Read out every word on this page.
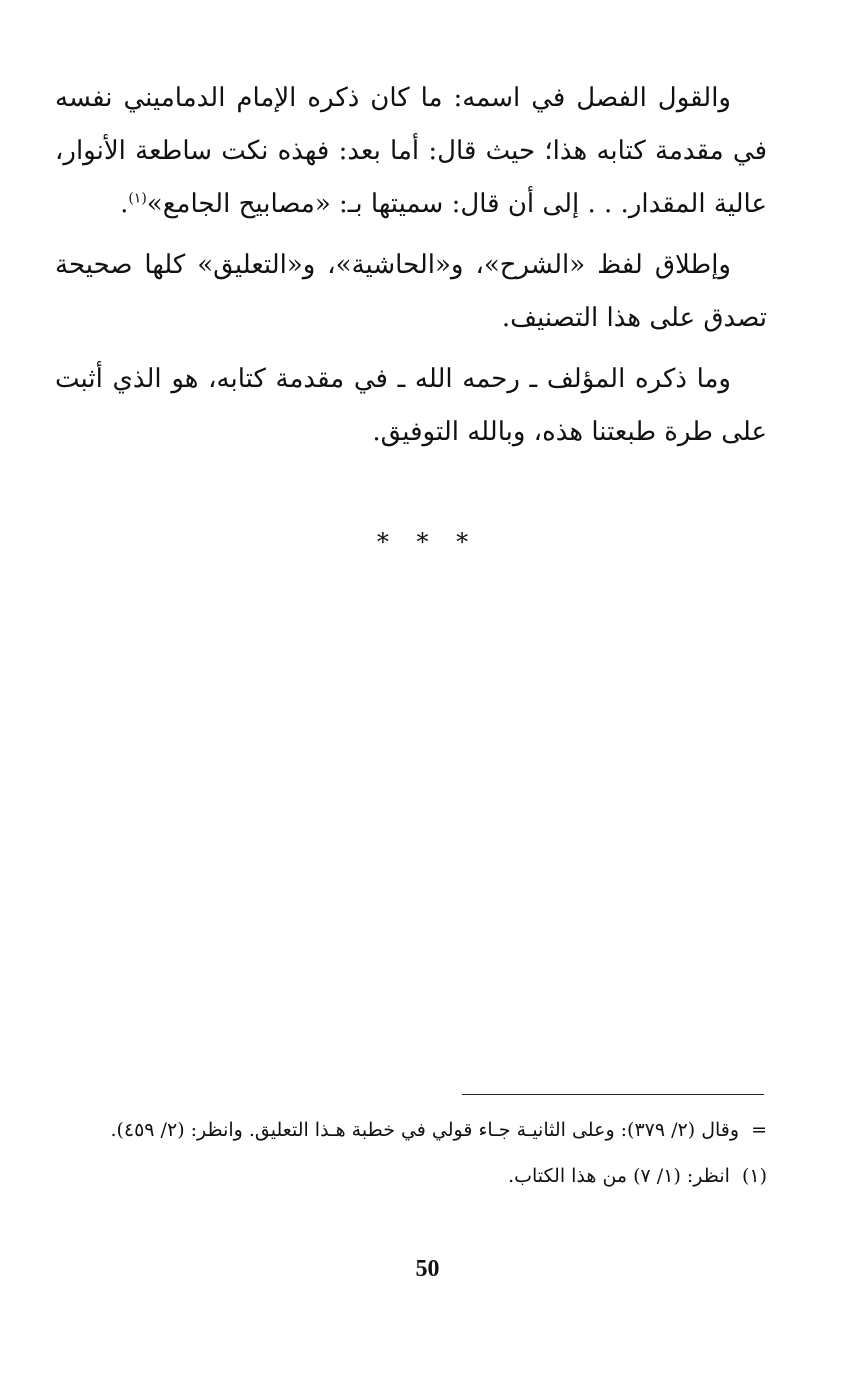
والقول الفصل في اسمه: ما كان ذكره الإمام الدماميني نفسه في مقدمة كتابه هذا؛ حيث قال: أما بعد: فهذه نكت ساطعة الأنوار، عالية المقدار. . . إلى أن قال: سميتها بـ: «مصابيح الجامع»$^{(١)}$.

وإطلاق لفظ «الشرح»، و«الحاشية»، و«التعليق» كلها صحيحة تصدق على هذا التصنيف.

وما ذكره المؤلف ـ رحمه الله ـ في مقدمة كتابه، هو الذي أثبت على طرة طبعتنا هذه، وبالله التوفيق.

* * *

=وقال (٢/ ٣٧٩): وعلى الثانيـة جـاء قولي في خطبة هـذا التعليق. وانظر: (٢/ ٤٥٩).

(١)انظر: (١/ ٧) من هذا الكتاب.

50
